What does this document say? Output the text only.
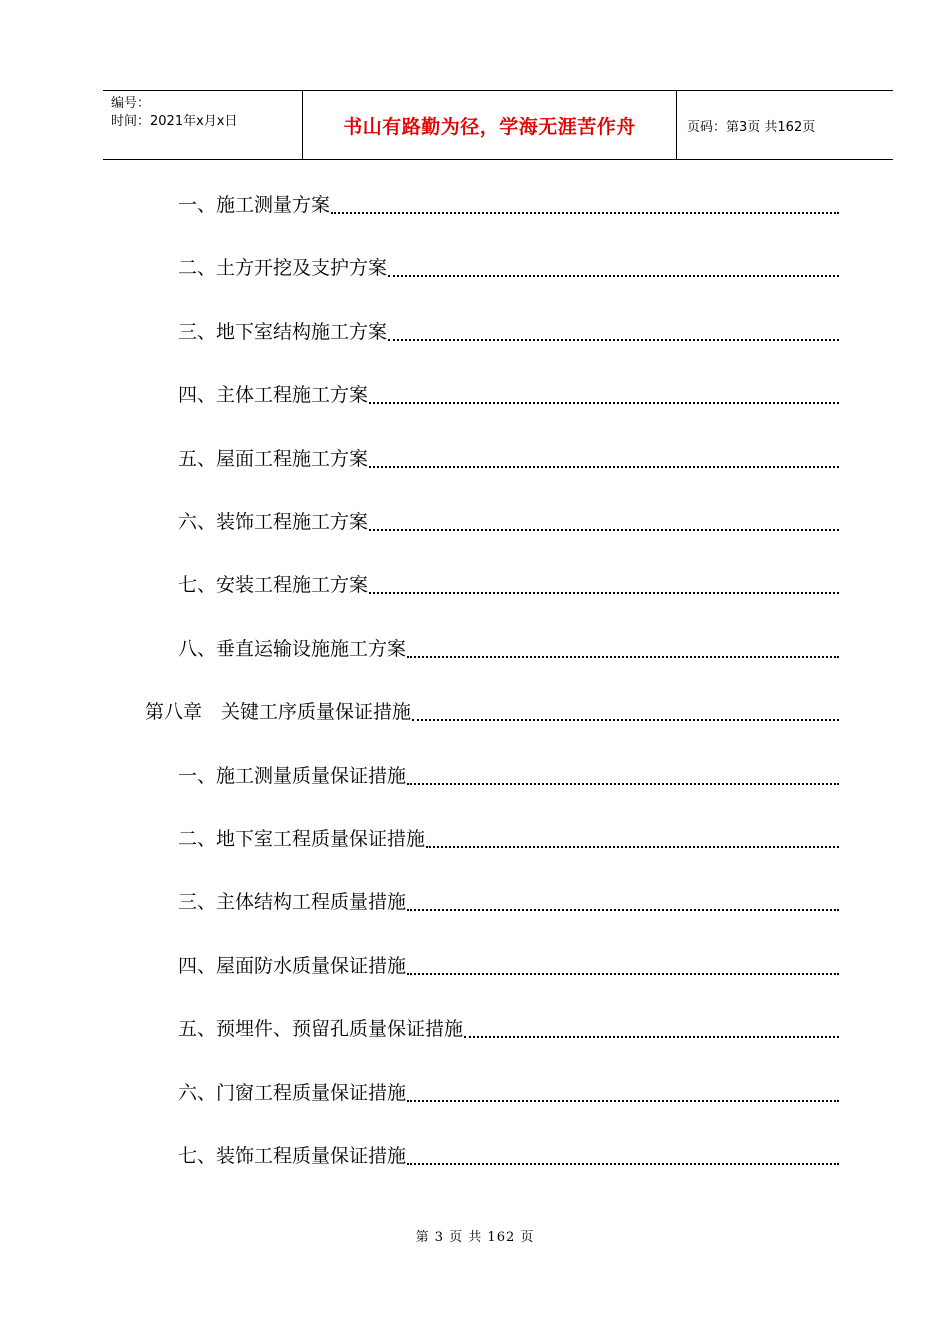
编号：
时间：2021年x月x日	书山有路勤为径，学海无涯苦作舟	页码：第3页 共162页
一、施工测量方案
二、土方开挖及支护方案
三、地下室结构施工方案
四、主体工程施工方案
五、屋面工程施工方案
六、装饰工程施工方案
七、安装工程施工方案
八、垂直运输设施施工方案
第八章　关键工序质量保证措施
一、施工测量质量保证措施
二、地下室工程质量保证措施
三、主体结构工程质量措施
四、屋面防水质量保证措施
五、预埋件、预留孔质量保证措施
六、门窗工程质量保证措施
七、装饰工程质量保证措施
第 3 页 共 162 页
